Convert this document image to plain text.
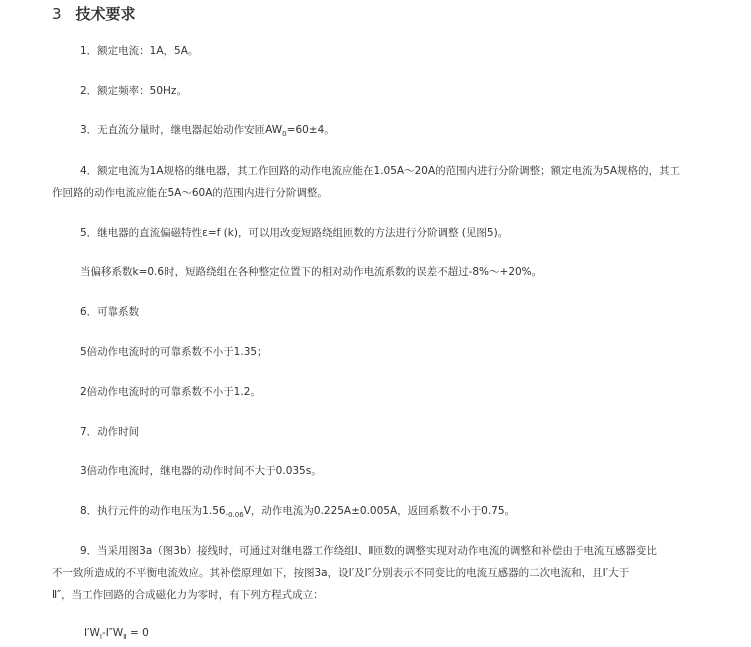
3 技术要求
1．额定电流：1A，5A。
2．额定频率：50Hz。
3．无直流分量时，继电器起始动作安匝$AW_0=60\pm 4$。
4．额定电流为1A规格的继电器，其工作回路的动作电流应能在1.05A～20A的范围内进行分阶调整；额定电流为5A规格的，其工
作回路的动作电流应能在5A～60A的范围内进行分阶调整。
5．继电器的直流偏磁特性ε=f (k)，可以用改变短路绕组匝数的方法进行分阶调整 (见图5)。
当偏移系数k=0.6时，短路绕组在各种整定位置下的相对动作电流系数的误差不超过-8%～+20%。
6．可靠系数
5倍动作电流时的可靠系数不小于1.35；
2倍动作电流时的可靠系数不小于1.2。
7．动作时间
3倍动作电流时，继电器的动作时间不大于0.035s。
8．执行元件的动作电压为$1.56_{-0.06}V$，动作电流为0.225A±0.005A，返回系数不小于0.75。
9．当采用图3a（图3b）接线时，可通过对继电器工作绕组Ⅰ、Ⅱ匝数的调整实现对动作电流的调整和补偿由于电流互感器变比
不一致所造成的不平衡电流效应。其补偿原理如下，按图3a，设Ⅰ′及Ⅰ″分别表示不同变比的电流互感器的二次电流和，且Ⅰ′大于
Ⅱ″，当工作回路的合成磁化力为零时，有下列方程式成立：
$Ⅰ'W_Ⅰ-Ⅰ''W_Ⅱ = 0$
